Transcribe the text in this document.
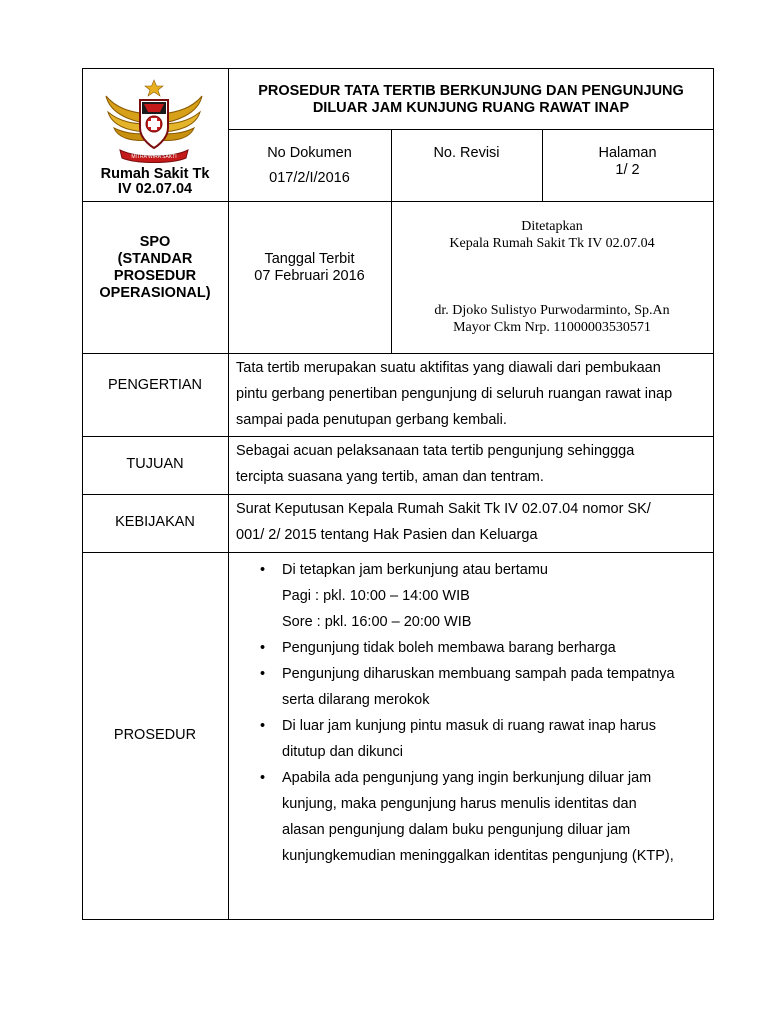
MITRA WIRA SAKTI
Rumah Sakit Tk
IV 02.07.04
PROSEDUR TATA TERTIB BERKUNJUNG DAN PENGUNJUNG
DILUAR JAM KUNJUNG RUANG RAWAT INAP
No Dokumen
017/2/I/2016
No. Revisi	Halaman
1/ 2
SPO
(STANDAR
PROSEDUR
OPERASIONAL)
Tanggal Terbit
07 Februari 2016
Ditetapkan
Kepala Rumah Sakit Tk IV 02.07.04
dr. Djoko Sulistyo Purwodarminto, Sp.An
Mayor Ckm Nrp. 11000003530571
PENGERTIAN
Tata tertib merupakan suatu aktifitas yang diawali dari pembukaan
pintu gerbang penertiban pengunjung di seluruh ruangan rawat inap
sampai pada penutupan gerbang kembali.
TUJUAN
Sebagai acuan pelaksanaan tata tertib pengunjung sehinggga
tercipta suasana yang tertib, aman dan tentram.
KEBIJAKAN
Surat Keputusan Kepala Rumah Sakit Tk IV 02.07.04 nomor SK/
001/ 2/ 2015 tentang Hak Pasien dan Keluarga
PROSEDUR
• Di tetapkan jam berkunjung atau bertamu
Pagi : pkl. 10:00 – 14:00 WIB
Sore : pkl. 16:00 – 20:00 WIB
• Pengunjung tidak boleh membawa barang berharga
• Pengunjung diharuskan membuang sampah pada tempatnya
serta dilarang merokok
• Di luar jam kunjung pintu masuk di ruang rawat inap harus
ditutup dan dikunci
• Apabila ada pengunjung yang ingin berkunjung diluar jam
kunjung, maka pengunjung harus menulis identitas dan
alasan pengunjung dalam buku pengunjung diluar jam
kunjungkemudian meninggalkan identitas pengunjung (KTP),
